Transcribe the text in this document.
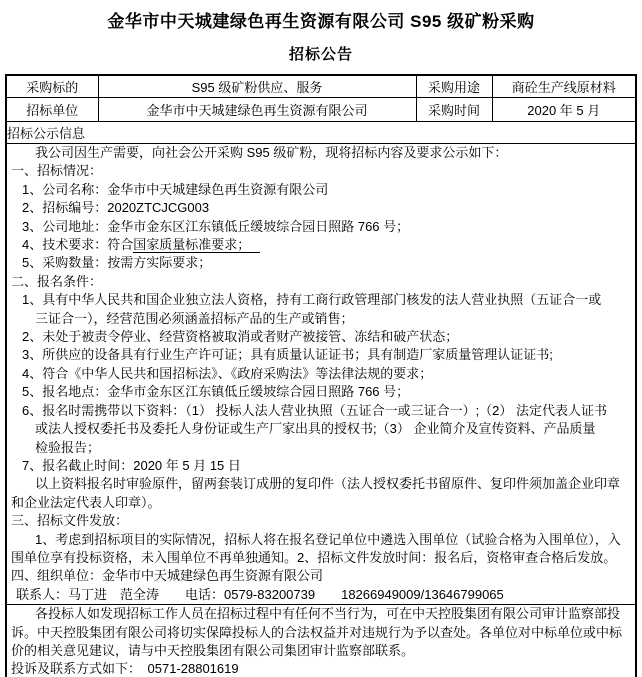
金华市中天城建绿色再生资源有限公司 S95 级矿粉采购
招标公告
采购标的	S95 级矿粉供应、服务	采购用途	商砼生产线原材料
招标单位	金华市中天城建绿色再生资源有限公司	采购时间	2020 年 5 月
招标公示信息			

我公司因生产需要，向社会公开采购 S95 级矿粉，现将招标内容及要求公示如下：
一、招标情况：
1、公司名称：金华市中天城建绿色再生资源有限公司
2、招标编号：2020ZTCJCG003
3、公司地址：金华市金东区江东镇低丘缓坡综合园日照路 766 号；
4、技术要求：符合国家质量标准要求；
5、采购数量：按需方实际要求；
二、报名条件：
1、具有中华人民共和国企业独立法人资格，持有工商行政管理部门核发的法人营业执照（五证合一或
三证合一），经营范围必须涵盖招标产品的生产或销售；
2、未处于被责令停业、经营资格被取消或者财产被接管、冻结和破产状态；
3、所供应的设备具有行业生产许可证；具有质量认证证书；具有制造厂家质量管理认证证书;
4、符合《中华人民共和国招标法》、《政府采购法》等法律法规的要求；
5、报名地点：金华市金东区江东镇低丘缓坡综合园日照路 766 号；
6、报名时需携带以下资料：（1） 投标人法人营业执照（五证合一或三证合一）;（2） 法定代表人证书
或法人授权委托书及委托人身份证或生产厂家出具的授权书;（3） 企业简介及宣传资料、产品质量
检验报告；
7、报名截止时间：2020 年 5 月 15 日
以上资料报名时审验原件，留两套装订成册的复印件（法人授权委托书留原件、复印件须加盖企业印章
和企业法定代表人印章）。
三、招标文件发放：
1、考虑到招标项目的实际情况，招标人将在报名登记单位中遴选入围单位（试验合格为入围单位），入
围单位享有投标资格，未入围单位不再单独通知。2、招标文件发放时间：报名后，资格审查合格后发放。
四、组织单位：金华市中天城建绿色再生资源有限公司
联系人：马丁进　范全涛　　电话：0579-83200739　　18266949009/13646799065

各投标人如发现招标工作人员在招标过程中有任何不当行为，可在中天控股集团有限公司审计监察部投
诉。中天控股集团有限公司将切实保障投标人的合法权益并对违规行为予以查处。各单位对中标单位或中标
价的相关意见建议，请与中天控股集团有限公司集团审计监察部联系。
投诉及联系方式如下：　0571-28801619			
